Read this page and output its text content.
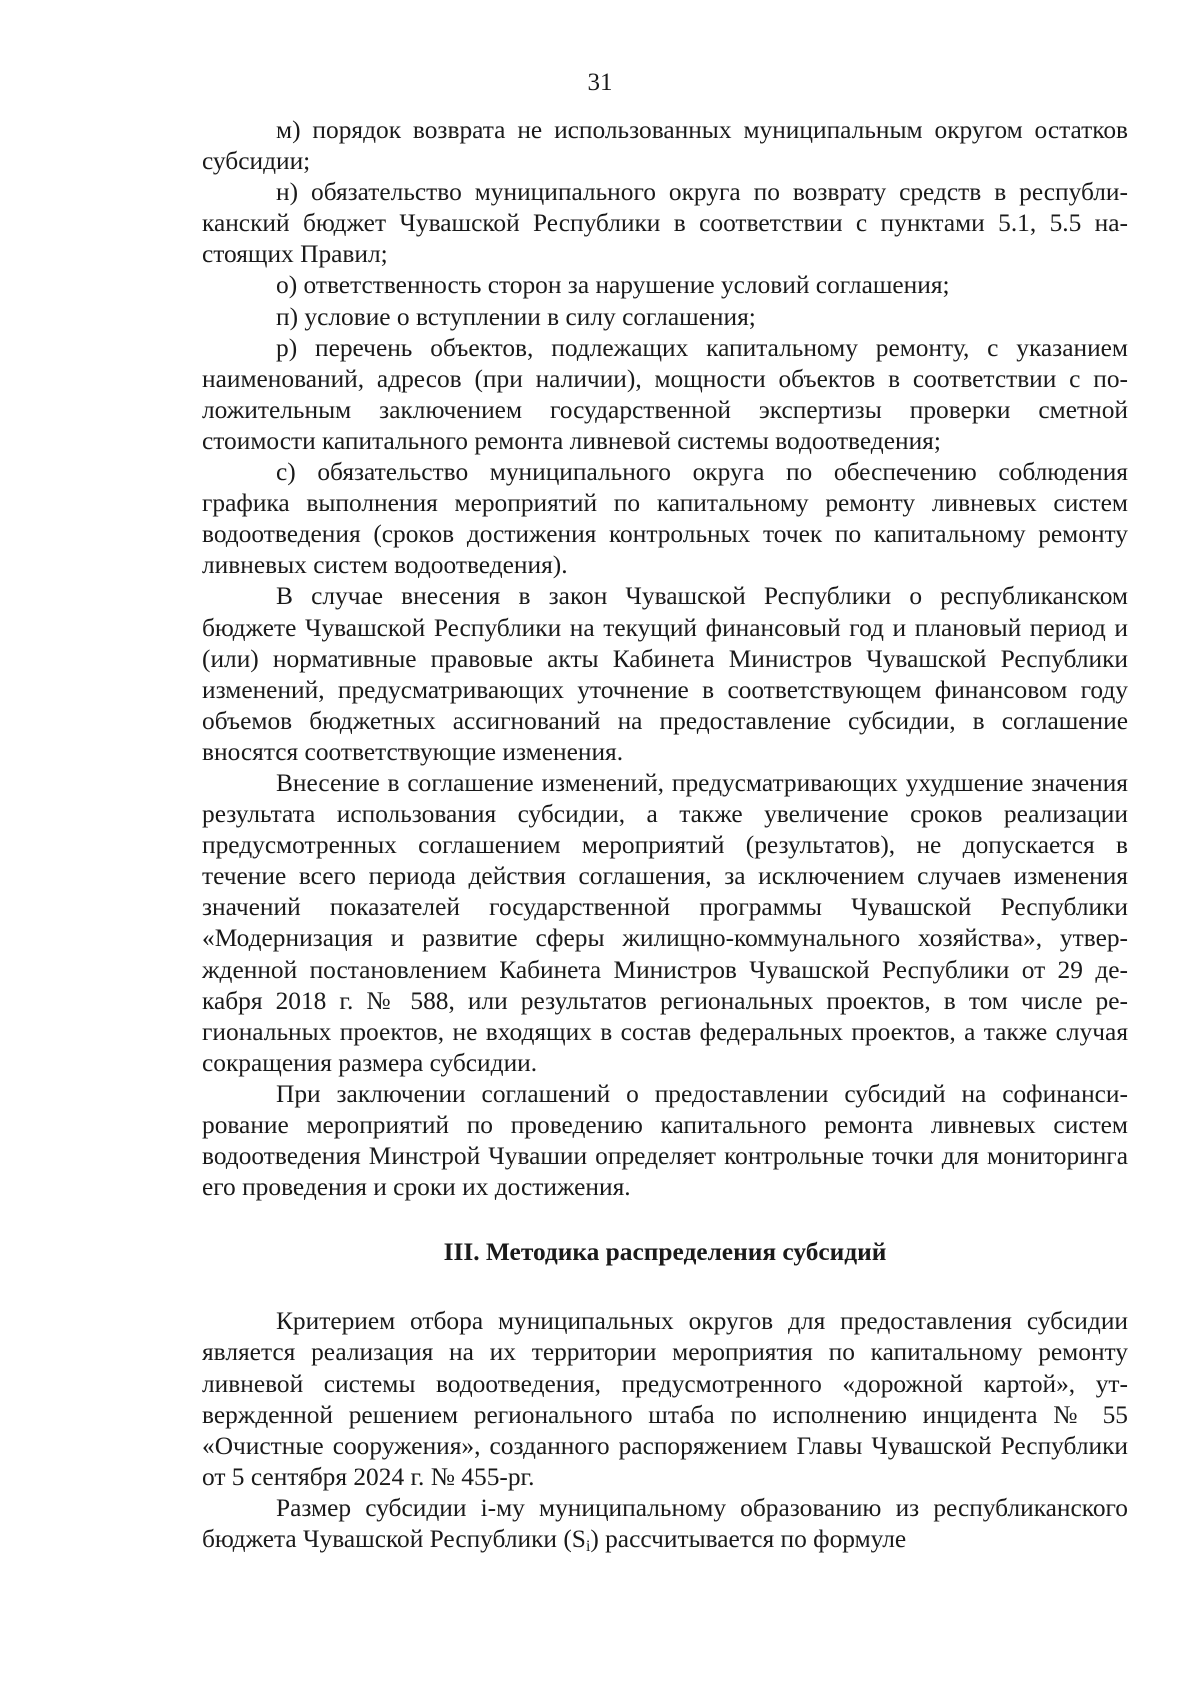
31

м) порядок возврата не использованных муниципальным округом остатков субсидии;

н) обязательство муниципального округа по возврату средств в республиканский бюджет Чувашской Республики в соответствии с пунктами 5.1, 5.5 настоящих Правил;

о) ответственность сторон за нарушение условий соглашения;

п) условие о вступлении в силу соглашения;

р) перечень объектов, подлежащих капитальному ремонту, с указанием наименований, адресов (при наличии), мощности объектов в соответствии с положительным заключением государственной экспертизы проверки сметной стоимости капитального ремонта ливневой системы водоотведения;

с) обязательство муниципального округа по обеспечению соблюдения графика выполнения мероприятий по капитальному ремонту ливневых систем водоотведения (сроков достижения контрольных точек по капитальному ремонту ливневых систем водоотведения).

В случае внесения в закон Чувашской Республики о республиканском бюджете Чувашской Республики на текущий финансовый год и плановый период и (или) нормативные правовые акты Кабинета Министров Чувашской Республики изменений, предусматривающих уточнение в соответствующем финансовом году объемов бюджетных ассигнований на предоставление субсидии, в соглашение вносятся соответствующие изменения.

Внесение в соглашение изменений, предусматривающих ухудшение значения результата использования субсидии, а также увеличение сроков реализации предусмотренных соглашением мероприятий (результатов), не допускается в течение всего периода действия соглашения, за исключением случаев изменения значений показателей государственной программы Чувашской Республики «Модернизация и развитие сферы жилищно-коммунального хозяйства», утвержденной постановлением Кабинета Министров Чувашской Республики от 29 декабря 2018 г. № 588, или результатов региональных проектов, в том числе региональных проектов, не входящих в состав федеральных проектов, а также случая сокращения размера субсидии.

При заключении соглашений о предоставлении субсидий на софинансирование мероприятий по проведению капитального ремонта ливневых систем водоотведения Минстрой Чувашии определяет контрольные точки для мониторинга его проведения и сроки их достижения.

III. Методика распределения субсидий

Критерием отбора муниципальных округов для предоставления субсидии является реализация на их территории мероприятия по капитальному ремонту ливневой системы водоотведения, предусмотренного «дорожной картой», утвержденной решением регионального штаба по исполнению инцидента № 55 «Очистные сооружения», созданного распоряжением Главы Чувашской Республики от 5 сентября 2024 г. № 455-рг.

Размер субсидии i-му муниципальному образованию из республиканского бюджета Чувашской Республики $(S_i)$ рассчитывается по формуле
